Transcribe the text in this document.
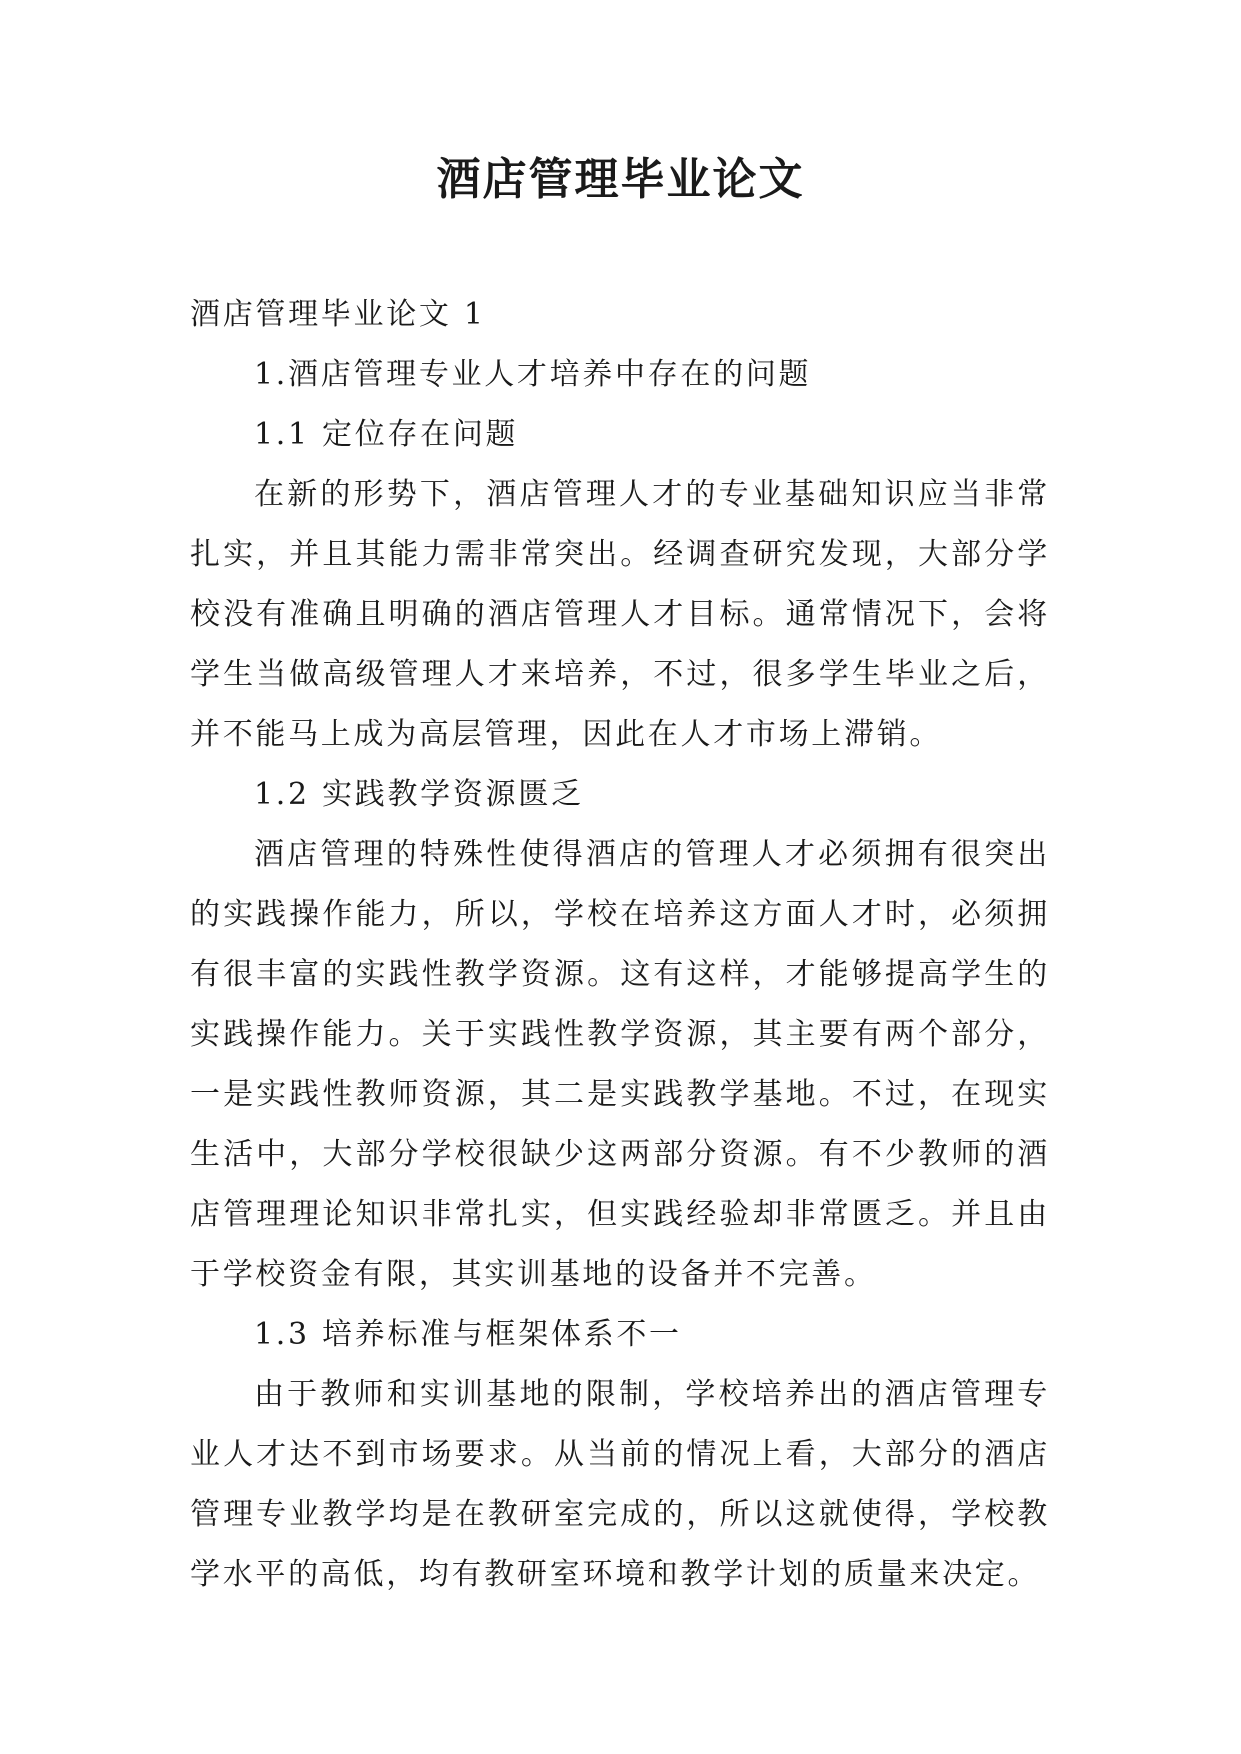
酒店管理毕业论文

酒店管理毕业论文 1

1.酒店管理专业人才培养中存在的问题

1.1 定位存在问题

在新的形势下，酒店管理人才的专业基础知识应当非常扎实，并且其能力需非常突出。经调查研究发现，大部分学校没有准确且明确的酒店管理人才目标。通常情况下，会将学生当做高级管理人才来培养，不过，很多学生毕业之后，并不能马上成为高层管理，因此在人才市场上滞销。

1.2 实践教学资源匮乏

酒店管理的特殊性使得酒店的管理人才必须拥有很突出的实践操作能力，所以，学校在培养这方面人才时，必须拥有很丰富的实践性教学资源。这有这样，才能够提高学生的实践操作能力。关于实践性教学资源，其主要有两个部分，一是实践性教师资源，其二是实践教学基地。不过，在现实生活中，大部分学校很缺少这两部分资源。有不少教师的酒店管理理论知识非常扎实，但实践经验却非常匮乏。并且由于学校资金有限，其实训基地的设备并不完善。

1.3 培养标准与框架体系不一

由于教师和实训基地的限制，学校培养出的酒店管理专业人才达不到市场要求。从当前的情况上看，大部分的酒店管理专业教学均是在教研室完成的，所以这就使得，学校教学水平的高低，均有教研室环境和教学计划的质量来决定。
